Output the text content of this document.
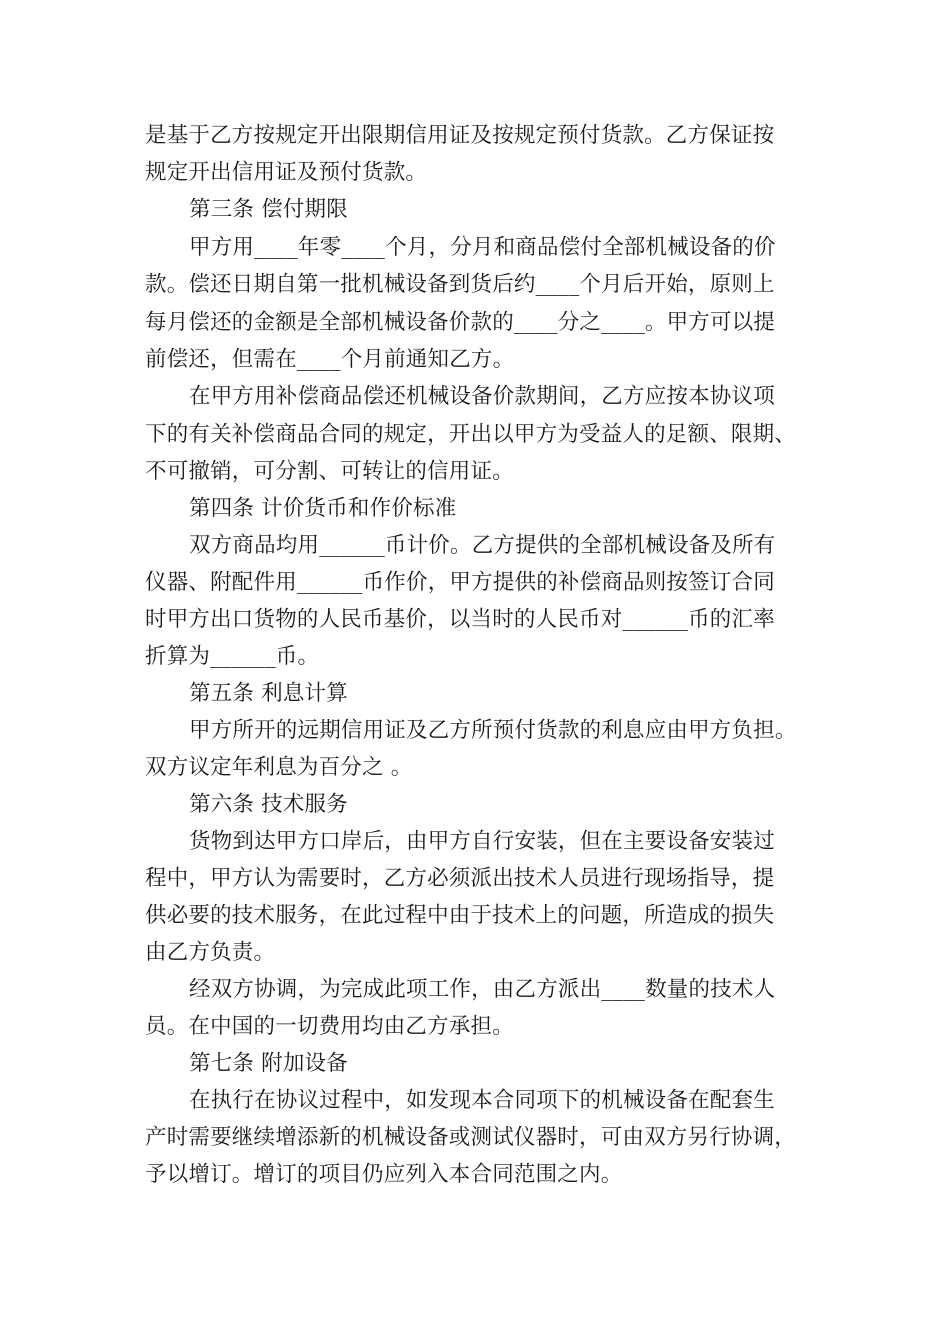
是基于乙方按规定开出限期信用证及按规定预付货款。乙方保证按
规定开出信用证及预付货款。
第三条 偿付期限
甲方用____年零____个月，分月和商品偿付全部机械设备的价
款。偿还日期自第一批机械设备到货后约____个月后开始，原则上
每月偿还的金额是全部机械设备价款的____分之____。甲方可以提
前偿还，但需在____个月前通知乙方。
在甲方用补偿商品偿还机械设备价款期间，乙方应按本协议项
下的有关补偿商品合同的规定，开出以甲方为受益人的足额、限期、
不可撤销，可分割、可转让的信用证。
第四条 计价货币和作价标准
双方商品均用______币计价。乙方提供的全部机械设备及所有
仪器、附配件用______币作价，甲方提供的补偿商品则按签订合同
时甲方出口货物的人民币基价，以当时的人民币对______币的汇率
折算为______币。
第五条 利息计算
甲方所开的远期信用证及乙方所预付货款的利息应由甲方负担。
双方议定年利息为百分之 。
第六条 技术服务
货物到达甲方口岸后，由甲方自行安装，但在主要设备安装过
程中，甲方认为需要时，乙方必须派出技术人员进行现场指导，提
供必要的技术服务，在此过程中由于技术上的问题，所造成的损失
由乙方负责。
经双方协调，为完成此项工作，由乙方派出____数量的技术人
员。在中国的一切费用均由乙方承担。
第七条 附加设备
在执行在协议过程中，如发现本合同项下的机械设备在配套生
产时需要继续增添新的机械设备或测试仪器时，可由双方另行协调，
予以增订。增订的项目仍应列入本合同范围之内。
